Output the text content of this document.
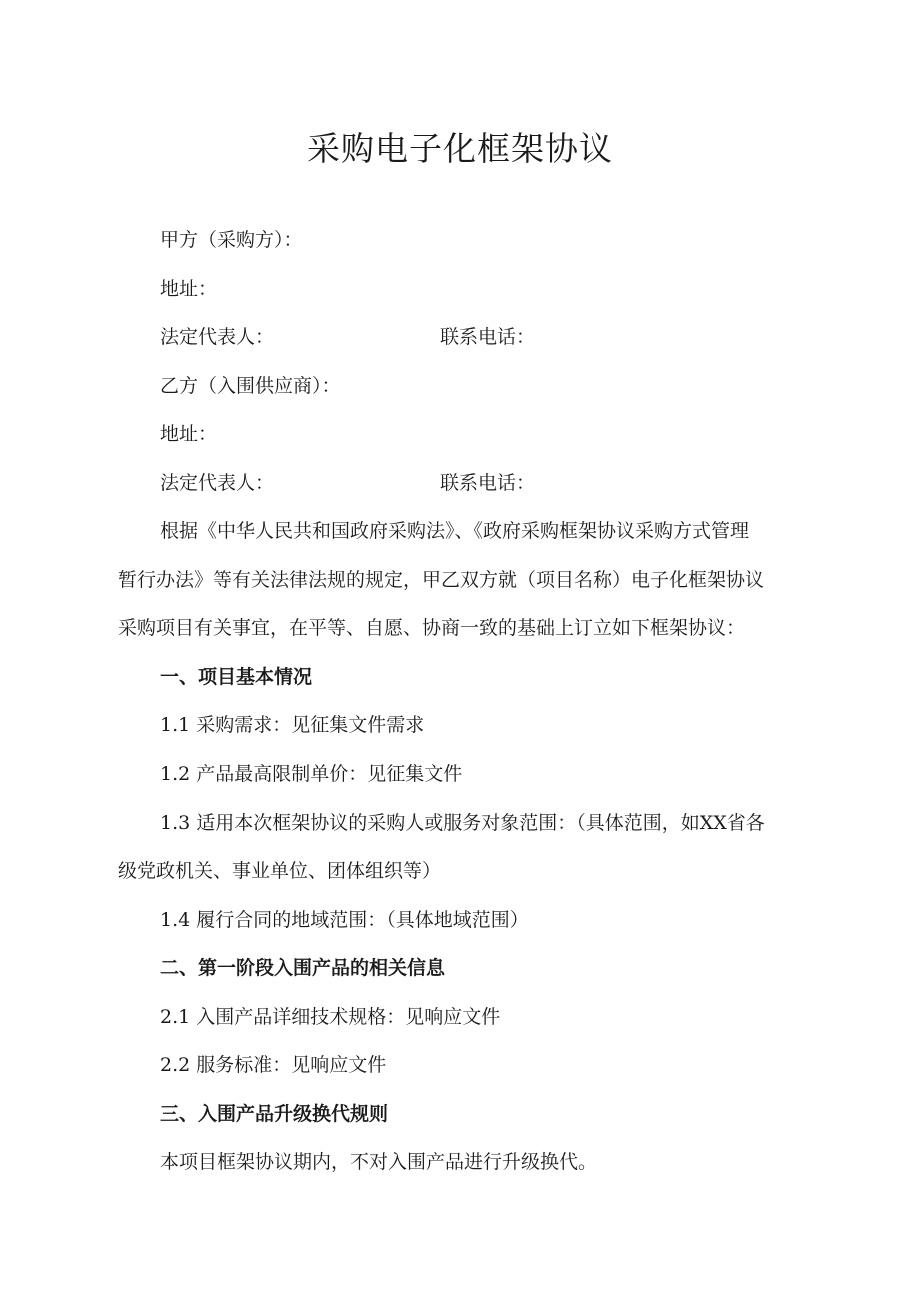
采购电子化框架协议

甲方（采购方）：

地址：

法定代表人：	联系电话：

乙方（入围供应商）：

地址：

法定代表人：	联系电话：

根据《中华人民共和国政府采购法》、《政府采购框架协议采购方式管理

暂行办法》等有关法律法规的规定，甲乙双方就（项目名称）电子化框架协议

采购项目有关事宜，在平等、自愿、协商一致的基础上订立如下框架协议：

一、项目基本情况

1.1 采购需求：见征集文件需求

1.2 产品最高限制单价：见征集文件

1.3 适用本次框架协议的采购人或服务对象范围：（具体范围，如XX省各

级党政机关、事业单位、团体组织等）

1.4 履行合同的地域范围：（具体地域范围）

二、第一阶段入围产品的相关信息

2.1 入围产品详细技术规格：见响应文件

2.2 服务标准：见响应文件

三、入围产品升级换代规则

本项目框架协议期内，不对入围产品进行升级换代。
